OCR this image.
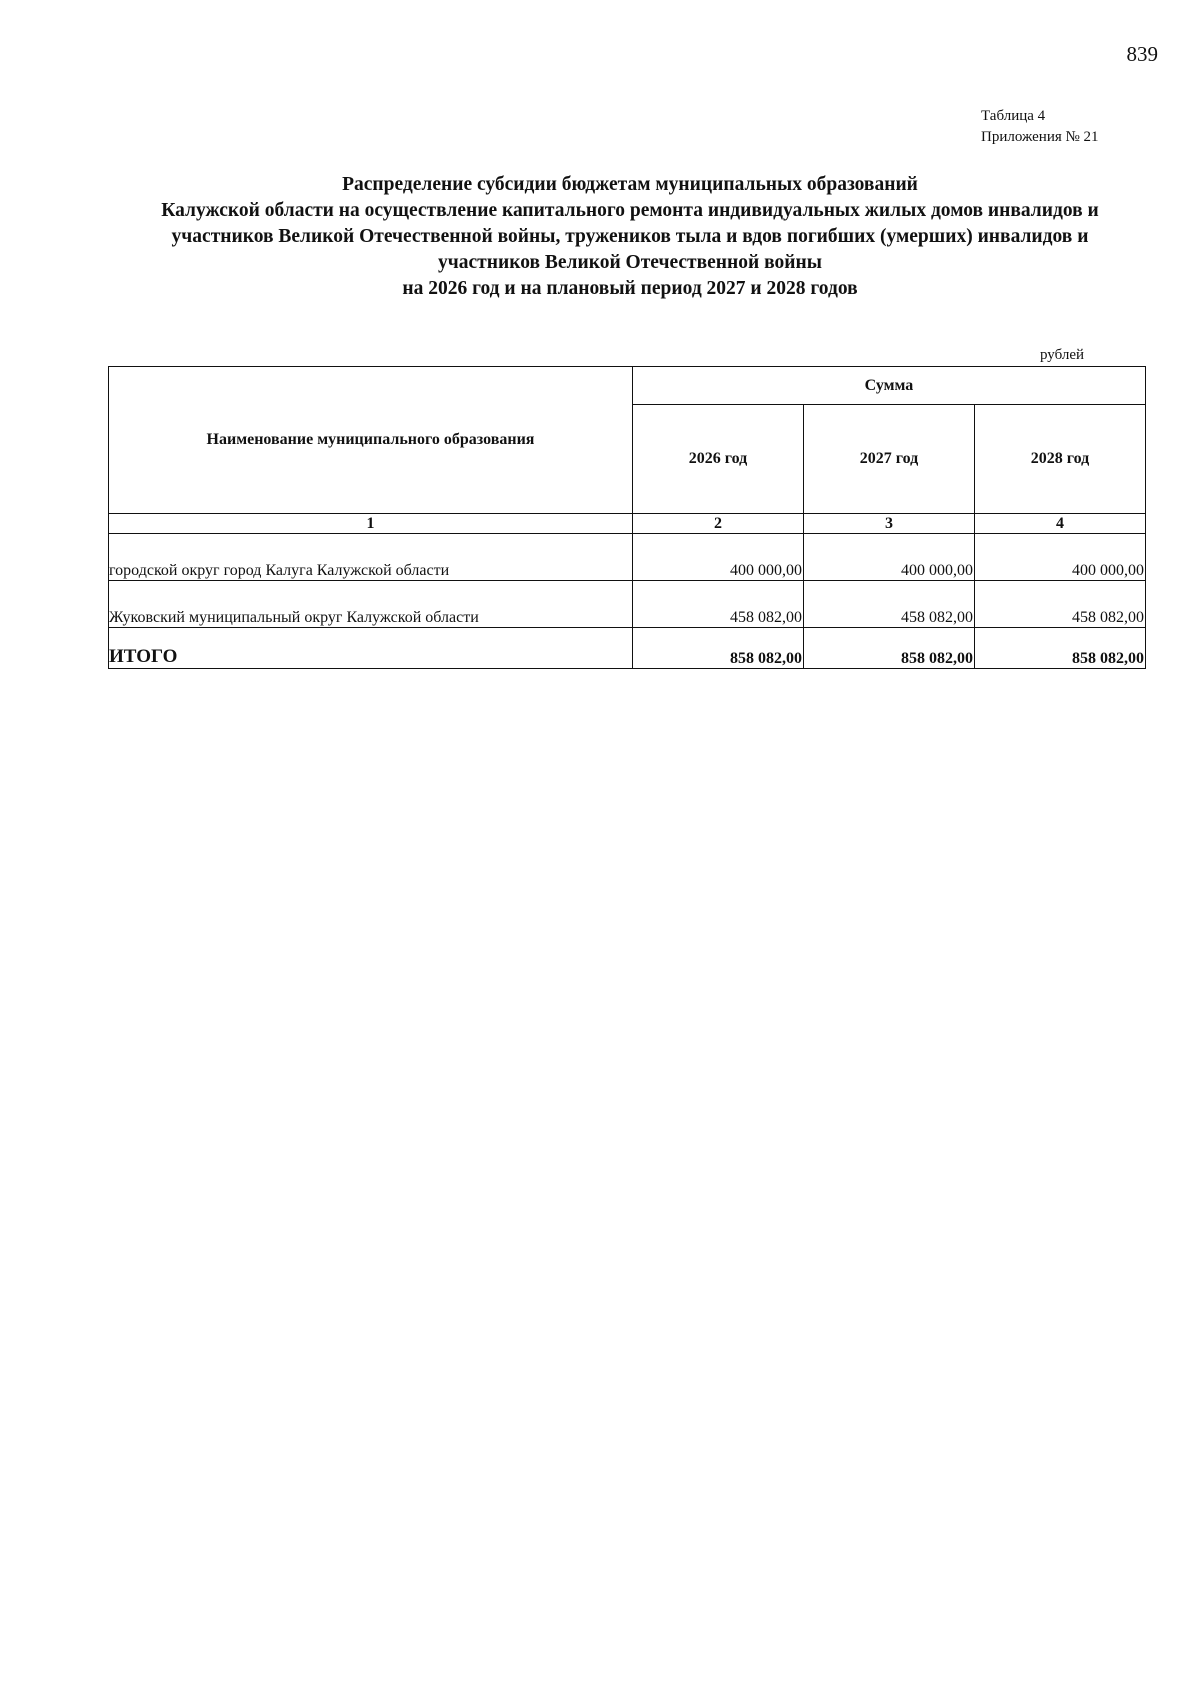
839
Таблица 4
Приложения № 21
Распределение субсидии бюджетам муниципальных образований
Калужской области на осуществление капитального ремонта индивидуальных жилых домов инвалидов и
участников Великой Отечественной войны, тружеников тыла и вдов погибших (умерших) инвалидов и
участников Великой Отечественной войны
на 2026 год и на плановый период 2027 и 2028 годов
рублей
Наименование муниципального образования	Сумма		
	2026 год	2027 год	2028 год
1	2	3	4
городской округ город Калуга Калужской области	400 000,00	400 000,00	400 000,00
Жуковский муниципальный округ Калужской области	458 082,00	458 082,00	458 082,00
ИТОГО	858 082,00	858 082,00	858 082,00
